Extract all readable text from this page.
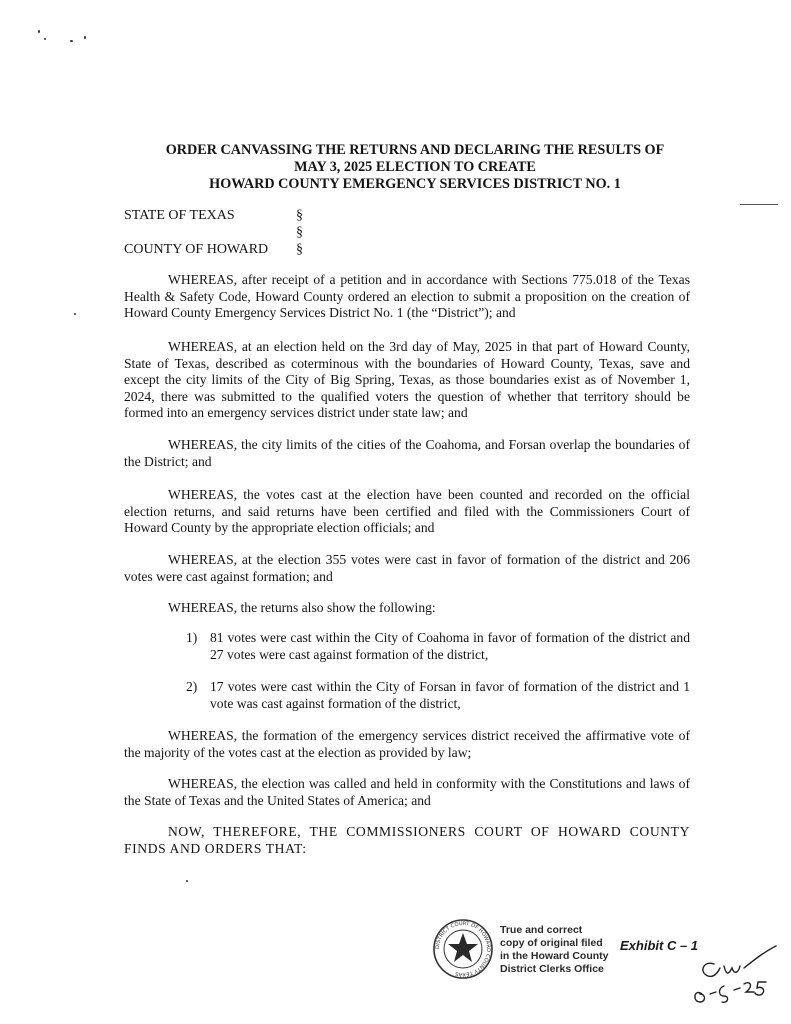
ORDER CANVASSING THE RETURNS AND DECLARING THE RESULTS OF
MAY 3, 2025 ELECTION TO CREATE
HOWARD COUNTY EMERGENCY SERVICES DISTRICT NO. 1
STATE OF TEXAS
COUNTY OF HOWARD
§
§
§

WHEREAS, after receipt of a petition and in accordance with Sections 775.018 of the Texas Health & Safety Code, Howard County ordered an election to submit a proposition on the creation of Howard County Emergency Services District No. 1 (the “District”); and

WHEREAS, at an election held on the 3rd day of May, 2025 in that part of Howard County, State of Texas, described as coterminous with the boundaries of Howard County, Texas, save and except the city limits of the City of Big Spring, Texas, as those boundaries exist as of November 1, 2024, there was submitted to the qualified voters the question of whether that territory should be formed into an emergency services district under state law; and

WHEREAS, the city limits of the cities of the Coahoma, and Forsan overlap the boundaries of the District; and

WHEREAS, the votes cast at the election have been counted and recorded on the official election returns, and said returns have been certified and filed with the Commissioners Court of Howard County by the appropriate election officials; and

WHEREAS, at the election 355 votes were cast in favor of formation of the district and 206 votes were cast against formation; and

WHEREAS, the returns also show the following:

1) 81 votes were cast within the City of Coahoma in favor of formation of the district and 27 votes were cast against formation of the district,
2) 17 votes were cast within the City of Forsan in favor of formation of the district and 1 vote was cast against formation of the district,

WHEREAS, the formation of the emergency services district received the affirmative vote of the majority of the votes cast at the election as provided by law;

WHEREAS, the election was called and held in conformity with the Constitutions and laws of the State of Texas and the United States of America; and

NOW, THEREFORE, THE COMMISSIONERS COURT OF HOWARD COUNTY FINDS AND ORDERS THAT:

DISTRICT COURT OF HOWARD COUNTY TEXAS
True and correct
copy of original filed
in the Howard County
District Clerks Office
Exhibit C – 1
